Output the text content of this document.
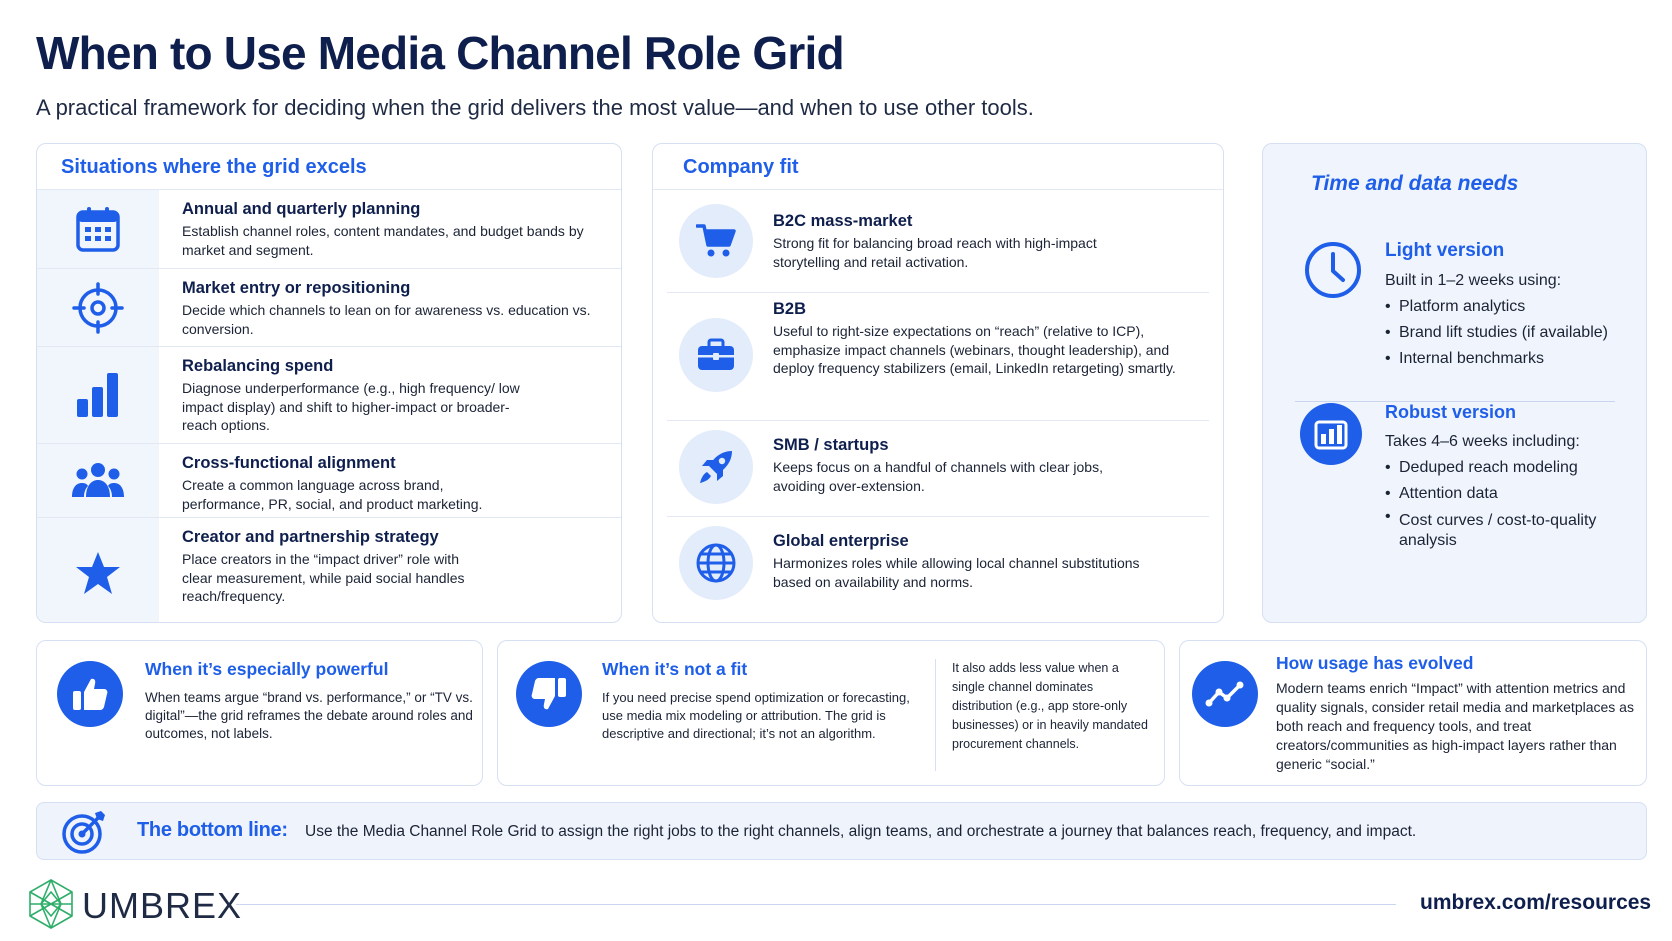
When to Use Media Channel Role Grid
A practical framework for deciding when the grid delivers the most value—and when to use other tools.
Situations where the grid excels
Annual and quarterly planning
Establish channel roles, content mandates, and budget bands by market and segment.
Market entry or repositioning
Decide which channels to lean on for awareness vs. education vs. conversion.
Rebalancing spend
Diagnose underperformance (e.g., high frequency/ low impact display) and shift to higher-impact or broader-reach options.
Cross-functional alignment
Create a common language across brand, performance, PR, social, and product marketing.
Creator and partnership strategy
Place creators in the “impact driver” role with clear measurement, while paid social handles reach/frequency.
Company fit
B2C mass-market
Strong fit for balancing broad reach with high-impact storytelling and retail activation.
B2B
Useful to right-size expectations on “reach” (relative to ICP), emphasize impact channels (webinars, thought leadership), and deploy frequency stabilizers (email, LinkedIn retargeting) smartly.
SMB / startups
Keeps focus on a handful of channels with clear jobs, avoiding over-extension.
Global enterprise
Harmonizes roles while allowing local channel substitutions based on availability and norms.
Time and data needs
Light version
Built in 1–2 weeks using:
• Platform analytics
• Brand lift studies (if available)
• Internal benchmarks
Robust version
Takes 4–6 weeks including:
• Deduped reach modeling
• Attention data
• Cost curves / cost-to-quality analysis
When it’s especially powerful
When teams argue “brand vs. performance,” or “TV vs. digital”—the grid reframes the debate around roles and outcomes, not labels.
When it’s not a fit
If you need precise spend optimization or forecasting, use media mix modeling or attribution. The grid is descriptive and directional; it’s not an algorithm.
It also adds less value when a single channel dominates distribution (e.g., app store-only businesses) or in heavily mandated procurement channels.
How usage has evolved
Modern teams enrich “Impact” with attention metrics and quality signals, consider retail media and marketplaces as both reach and frequency tools, and treat creators/communities as high-impact layers rather than generic “social.”
The bottom line: Use the Media Channel Role Grid to assign the right jobs to the right channels, align teams, and orchestrate a journey that balances reach, frequency, and impact.
UMBREX	umbrex.com/resources
